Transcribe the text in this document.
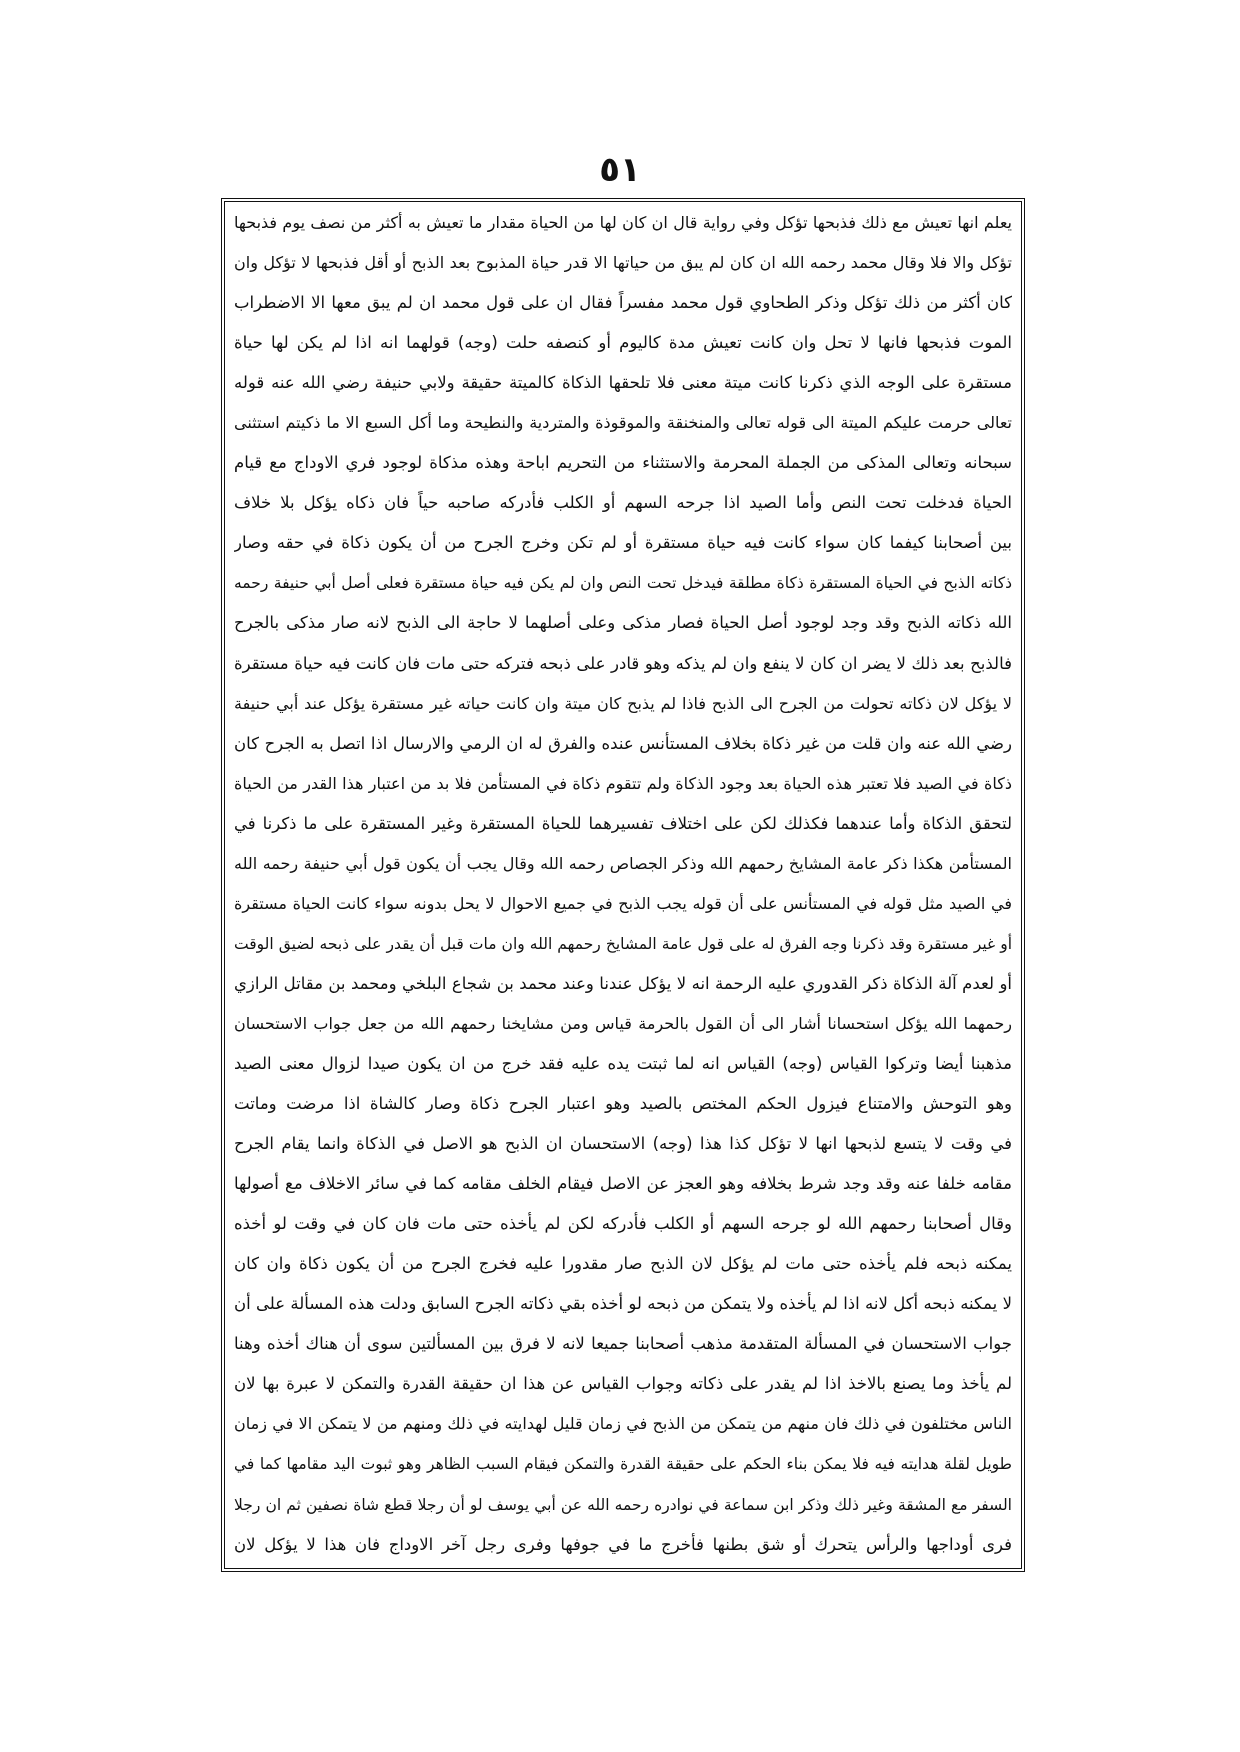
٥١
يعلم انها تعيش مع ذلك فذبحها تؤكل وفي رواية قال ان كان لها من الحياة مقدار ما تعيش به أكثر من نصف يوم فذبحها
تؤكل والا فلا وقال محمد رحمه الله ان كان لم يبق من حياتها الا قدر حياة المذبوح بعد الذبح أو أقل فذبحها لا تؤكل وان
كان أكثر من ذلك تؤكل وذكر الطحاوي قول محمد مفسراً فقال ان على قول محمد ان لم يبق معها الا الاضطراب
الموت فذبحها فانها لا تحل وان كانت تعيش مدة كاليوم أو كنصفه حلت (وجه) قولهما انه اذا لم يكن لها حياة
مستقرة على الوجه الذي ذكرنا كانت ميتة معنى فلا تلحقها الذكاة كالميتة حقيقة ولابي حنيفة رضي الله عنه قوله
تعالى حرمت عليكم الميتة الى قوله تعالى والمنخنقة والموقوذة والمتردية والنطيحة وما أكل السبع الا ما ذكيتم استثنى
سبحانه وتعالى المذكى من الجملة المحرمة والاستثناء من التحريم اباحة وهذه مذكاة لوجود فري الاوداج مع قيام
الحياة فدخلت تحت النص وأما الصيد اذا جرحه السهم أو الكلب فأدركه صاحبه حياً فان ذكاه يؤكل بلا خلاف
بين أصحابنا كيفما كان سواء كانت فيه حياة مستقرة أو لم تكن وخرج الجرح من أن يكون ذكاة في حقه وصار
ذكاته الذبح في الحياة المستقرة ذكاة مطلقة فيدخل تحت النص وان لم يكن فيه حياة مستقرة فعلى أصل أبي حنيفة رحمه
الله ذكاته الذبح وقد وجد لوجود أصل الحياة فصار مذكى وعلى أصلهما لا حاجة الى الذبح لانه صار مذكى بالجرح
فالذبح بعد ذلك لا يضر ان كان لا ينفع وان لم يذكه وهو قادر على ذبحه فتركه حتى مات فان كانت فيه حياة مستقرة
لا يؤكل لان ذكاته تحولت من الجرح الى الذبح فاذا لم يذبح كان ميتة وان كانت حياته غير مستقرة يؤكل عند أبي حنيفة
رضي الله عنه وان قلت من غير ذكاة بخلاف المستأنس عنده والفرق له ان الرمي والارسال اذا اتصل به الجرح كان
ذكاة في الصيد فلا تعتبر هذه الحياة بعد وجود الذكاة ولم تتقوم ذكاة في المستأمن فلا بد من اعتبار هذا القدر من الحياة
لتحقق الذكاة وأما عندهما فكذلك لكن على اختلاف تفسيرهما للحياة المستقرة وغير المستقرة على ما ذكرنا في
المستأمن هكذا ذكر عامة المشايخ رحمهم الله وذكر الجصاص رحمه الله وقال يجب أن يكون قول أبي حنيفة رحمه الله
في الصيد مثل قوله في المستأنس على أن قوله يجب الذبح في جميع الاحوال لا يحل بدونه سواء كانت الحياة مستقرة
أو غير مستقرة وقد ذكرنا وجه الفرق له على قول عامة المشايخ رحمهم الله وان مات قبل أن يقدر على ذبحه لضيق الوقت
أو لعدم آلة الذكاة ذكر القدوري عليه الرحمة انه لا يؤكل عندنا وعند محمد بن شجاع البلخي ومحمد بن مقاتل الرازي
رحمهما الله يؤكل استحسانا أشار الى أن القول بالحرمة قياس ومن مشايخنا رحمهم الله من جعل جواب الاستحسان
مذهبنا أيضا وتركوا القياس (وجه) القياس انه لما ثبتت يده عليه فقد خرج من ان يكون صيدا لزوال معنى الصيد
وهو التوحش والامتناع فيزول الحكم المختص بالصيد وهو اعتبار الجرح ذكاة وصار كالشاة اذا مرضت وماتت
في وقت لا يتسع لذبحها انها لا تؤكل كذا هذا (وجه) الاستحسان ان الذبح هو الاصل في الذكاة وانما يقام الجرح
مقامه خلفا عنه وقد وجد شرط بخلافه وهو العجز عن الاصل فيقام الخلف مقامه كما في سائر الاخلاف مع أصولها
وقال أصحابنا رحمهم الله لو جرحه السهم أو الكلب فأدركه لكن لم يأخذه حتى مات فان كان في وقت لو أخذه
يمكنه ذبحه فلم يأخذه حتى مات لم يؤكل لان الذبح صار مقدورا عليه فخرج الجرح من أن يكون ذكاة وان كان
لا يمكنه ذبحه أكل لانه اذا لم يأخذه ولا يتمكن من ذبحه لو أخذه بقي ذكاته الجرح السابق ودلت هذه المسألة على أن
جواب الاستحسان في المسألة المتقدمة مذهب أصحابنا جميعا لانه لا فرق بين المسألتين سوى أن هناك أخذه وهنا
لم يأخذ وما يصنع بالاخذ اذا لم يقدر على ذكاته وجواب القياس عن هذا ان حقيقة القدرة والتمكن لا عبرة بها لان
الناس مختلفون في ذلك فان منهم من يتمكن من الذبح في زمان قليل لهدايته في ذلك ومنهم من لا يتمكن الا في زمان
طويل لقلة هدايته فيه فلا يمكن بناء الحكم على حقيقة القدرة والتمكن فيقام السبب الظاهر وهو ثبوت اليد مقامها كما في
السفر مع المشقة وغير ذلك وذكر ابن سماعة في نوادره رحمه الله عن أبي يوسف لو أن رجلا قطع شاة نصفين ثم ان رجلا
فرى أوداجها والرأس يتحرك أو شق بطنها فأخرج ما في جوفها وفرى رجل آخر الاوداج فان هذا لا يؤكل لان
